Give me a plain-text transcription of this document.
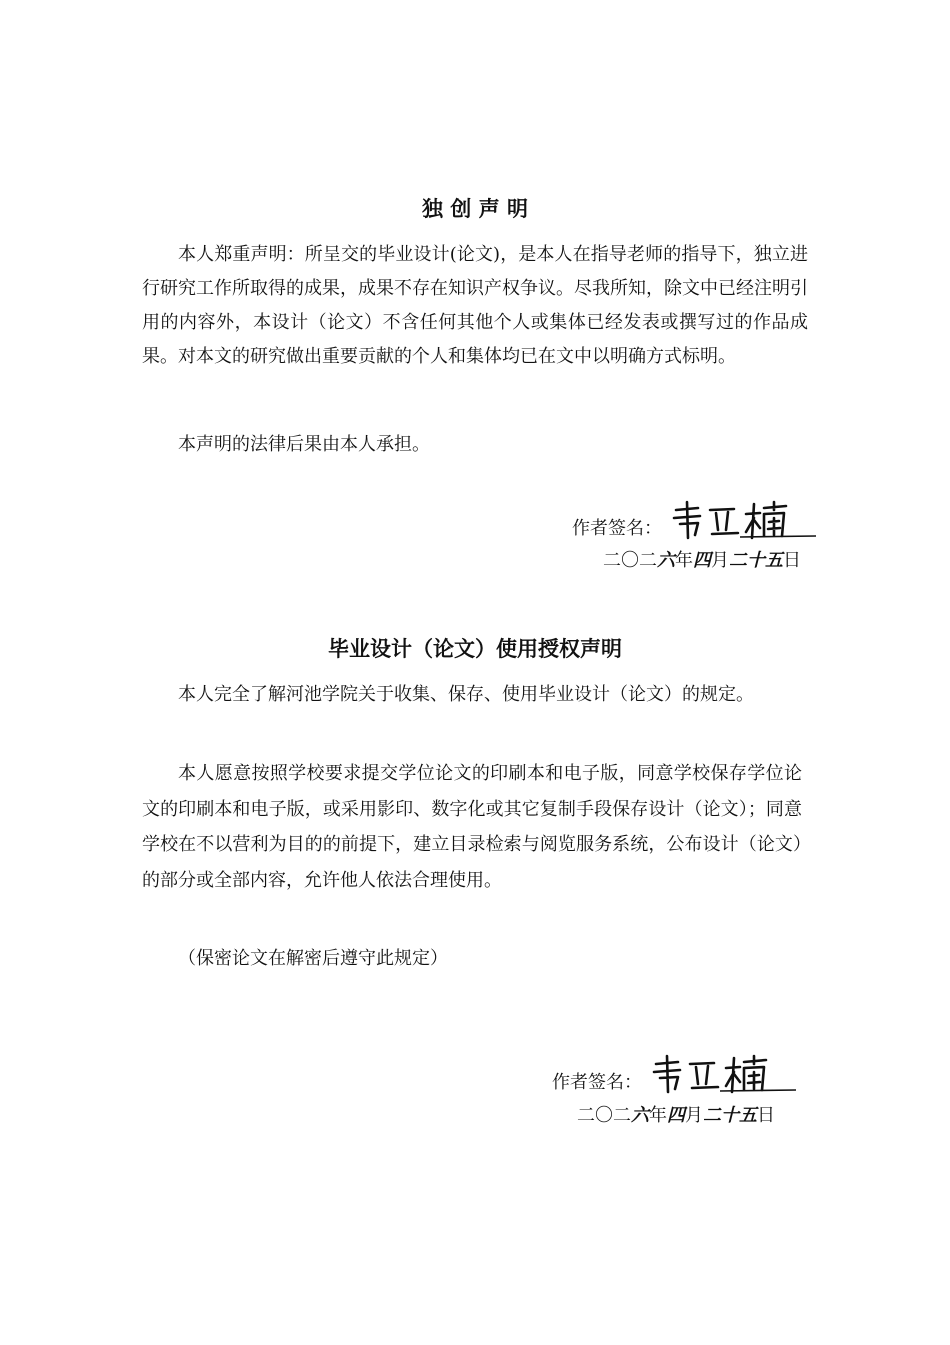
独 创 声 明

本人郑重声明：所呈交的毕业设计(论文)，是本人在指导老师的指导下，独立进行研究工作所取得的成果，成果不存在知识产权争议。尽我所知，除文中已经注明引用的内容外，本设计（论文）不含任何其他个人或集体已经发表或撰写过的作品成果。对本文的研究做出重要贡献的个人和集体均已在文中以明确方式标明。

本声明的法律后果由本人承担。

作者签名：
二〇二六年四月二十五日
毕业设计（论文）使用授权声明

本人完全了解河池学院关于收集、保存、使用毕业设计（论文）的规定。

本人愿意按照学校要求提交学位论文的印刷本和电子版，同意学校保存学位论文的印刷本和电子版，或采用影印、数字化或其它复制手段保存设计（论文）；同意学校在不以营利为目的的前提下，建立目录检索与阅览服务系统，公布设计（论文）的部分或全部内容，允许他人依法合理使用。

（保密论文在解密后遵守此规定）

作者签名：
二〇二六年四月二十五日
